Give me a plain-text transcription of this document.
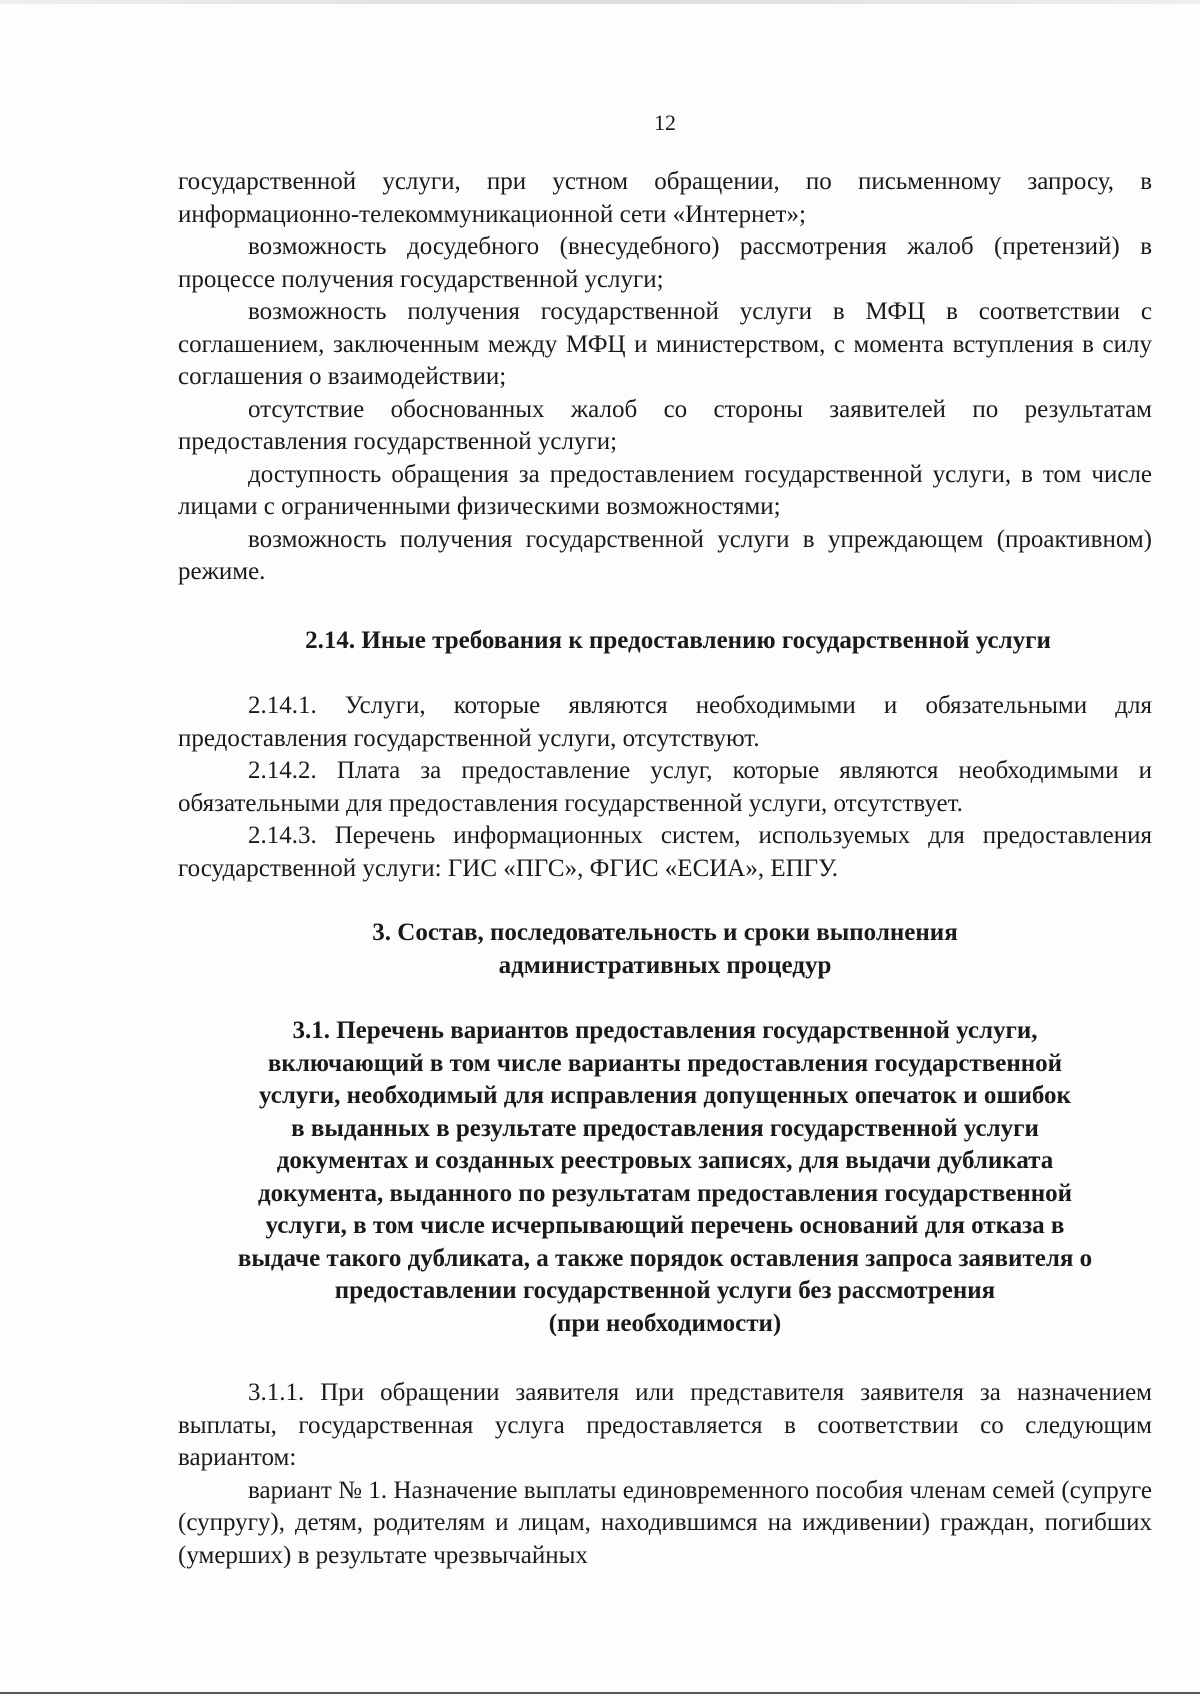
12

государственной услуги, при устном обращении, по письменному запросу, в информационно-телекоммуникационной сети «Интернет»;

возможность досудебного (внесудебного) рассмотрения жалоб (претензий) в процессе получения государственной услуги;

возможность получения государственной услуги в МФЦ в соответствии с соглашением, заключенным между МФЦ и министерством, с момента вступления в силу соглашения о взаимодействии;

отсутствие обоснованных жалоб со стороны заявителей по результатам предоставления государственной услуги;

доступность обращения за предоставлением государственной услуги, в том числе лицами с ограниченными физическими возможностями;

возможность получения государственной услуги в упреждающем (проактивном) режиме.

2.14. Иные требования к предоставлению государственной услуги

2.14.1. Услуги, которые являются необходимыми и обязательными для предоставления государственной услуги, отсутствуют.

2.14.2. Плата за предоставление услуг, которые являются необходимыми и обязательными для предоставления государственной услуги, отсутствует.

2.14.3. Перечень информационных систем, используемых для предоставления государственной услуги: ГИС «ПГС», ФГИС «ЕСИА», ЕПГУ.

3. Состав, последовательность и сроки выполнения
административных процедур
3.1. Перечень вариантов предоставления государственной услуги,
включающий в том числе варианты предоставления государственной
услуги, необходимый для исправления допущенных опечаток и ошибок
в выданных в результате предоставления государственной услуги
документах и созданных реестровых записях, для выдачи дубликата
документа, выданного по результатам предоставления государственной
услуги, в том числе исчерпывающий перечень оснований для отказа в
выдаче такого дубликата, а также порядок оставления запроса заявителя о
предоставлении государственной услуги без рассмотрения
(при необходимости)

3.1.1. При обращении заявителя или представителя заявителя за назначением выплаты, государственная услуга предоставляется в соответствии со следующим вариантом:

вариант № 1. Назначение выплаты единовременного пособия членам семей (супруге (супругу), детям, родителям и лицам, находившимся на иждивении) граждан, погибших (умерших) в результате чрезвычайных
